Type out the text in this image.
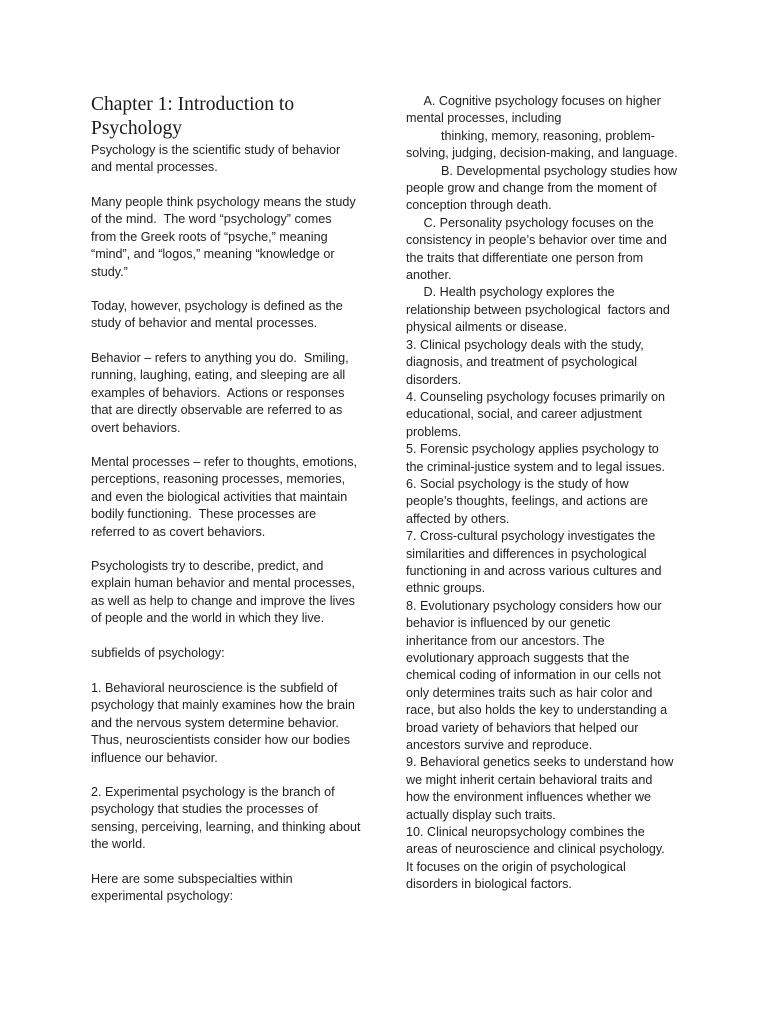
Chapter 1: Introduction to
Psychology

Psychology is the scientific study of behavior
and mental processes.

Many people think psychology means the study
of the mind.  The word “psychology” comes
from the Greek roots of “psyche,” meaning
“mind”, and “logos,” meaning “knowledge or
study.”

Today, however, psychology is defined as the
study of behavior and mental processes.

Behavior – refers to anything you do.  Smiling,
running, laughing, eating, and sleeping are all
examples of behaviors.  Actions or responses
that are directly observable are referred to as
overt behaviors.

Mental processes – refer to thoughts, emotions,
perceptions, reasoning processes, memories,
and even the biological activities that maintain
bodily functioning.  These processes are
referred to as covert behaviors.

Psychologists try to describe, predict, and
explain human behavior and mental processes,
as well as help to change and improve the lives
of people and the world in which they live.

subfields of psychology:

1. Behavioral neuroscience is the subfield of
psychology that mainly examines how the brain
and the nervous system determine behavior.
Thus, neuroscientists consider how our bodies
influence our behavior.

2. Experimental psychology is the branch of
psychology that studies the processes of
sensing, perceiving, learning, and thinking about
the world.

Here are some subspecialties within
experimental psychology:

A. Cognitive psychology focuses on higher
mental processes, including
thinking, memory, reasoning, problem-
solving, judging, decision-making, and language.
B. Developmental psychology studies how
people grow and change from the moment of
conception through death.
C. Personality psychology focuses on the
consistency in people’s behavior over time and
the traits that differentiate one person from
another.
D. Health psychology explores the
relationship between psychological  factors and
physical ailments or disease.
3. Clinical psychology deals with the study,
diagnosis, and treatment of psychological
disorders.
4. Counseling psychology focuses primarily on
educational, social, and career adjustment
problems.
5. Forensic psychology applies psychology to
the criminal-justice system and to legal issues.
6. Social psychology is the study of how
people’s thoughts, feelings, and actions are
affected by others.
7. Cross-cultural psychology investigates the
similarities and differences in psychological
functioning in and across various cultures and
ethnic groups.
8. Evolutionary psychology considers how our
behavior is influenced by our genetic
inheritance from our ancestors. The
evolutionary approach suggests that the
chemical coding of information in our cells not
only determines traits such as hair color and
race, but also holds the key to understanding a
broad variety of behaviors that helped our
ancestors survive and reproduce.
9. Behavioral genetics seeks to understand how
we might inherit certain behavioral traits and
how the environment influences whether we
actually display such traits.
10. Clinical neuropsychology combines the
areas of neuroscience and clinical psychology.
It focuses on the origin of psychological
disorders in biological factors.
